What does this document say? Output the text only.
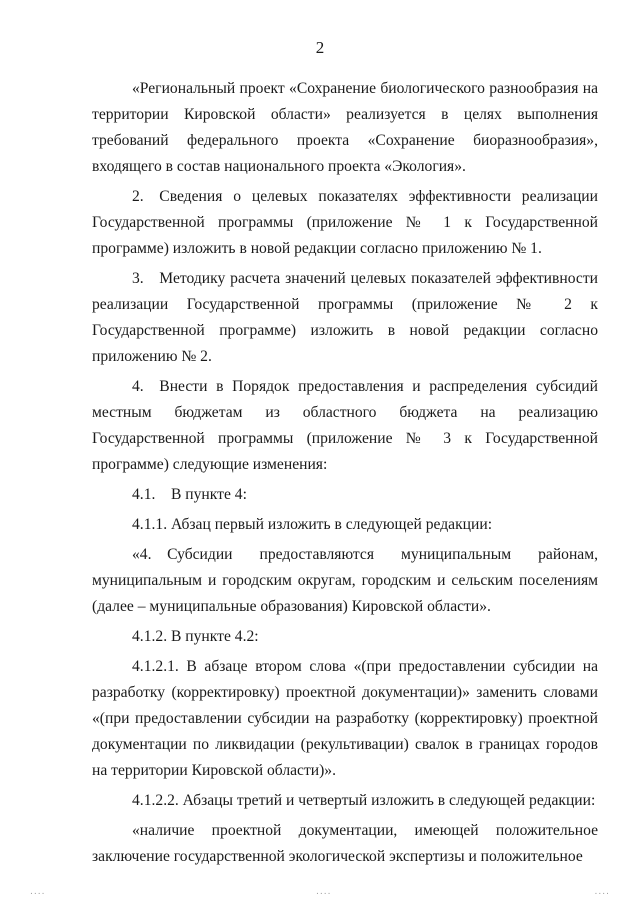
2

«Региональный проект «Сохранение биологического разнообразия на территории Кировской области» реализуется в целях выполнения требований федерального проекта «Сохранение биоразнообразия», входящего в состав национального проекта «Экология».

2. Сведения о целевых показателях эффективности реализации Государственной программы (приложение № 1 к Государственной программе) изложить в новой редакции согласно приложению № 1.

3. Методику расчета значений целевых показателей эффективности реализации Государственной программы (приложение № 2 к Государственной программе) изложить в новой редакции согласно приложению № 2.

4. Внести в Порядок предоставления и распределения субсидий местным бюджетам из областного бюджета на реализацию Государственной программы (приложение № 3 к Государственной программе) следующие изменения:

4.1. В пункте 4:

4.1.1. Абзац первый изложить в следующей редакции:

«4. Субсидии предоставляются муниципальным районам, муниципальным и городским округам, городским и сельским поселениям (далее – муниципальные образования) Кировской области».

4.1.2. В пункте 4.2:

4.1.2.1. В абзаце втором слова «(при предоставлении субсидии на разработку (корректировку) проектной документации)» заменить словами «(при предоставлении субсидии на разработку (корректировку) проектной документации по ликвидации (рекультивации) свалок в границах городов на территории Кировской области)».

4.1.2.2. Абзацы третий и четвертый изложить в следующей редакции:

«наличие проектной документации, имеющей положительное заключение государственной экологической экспертизы и положительное

....	....	....
